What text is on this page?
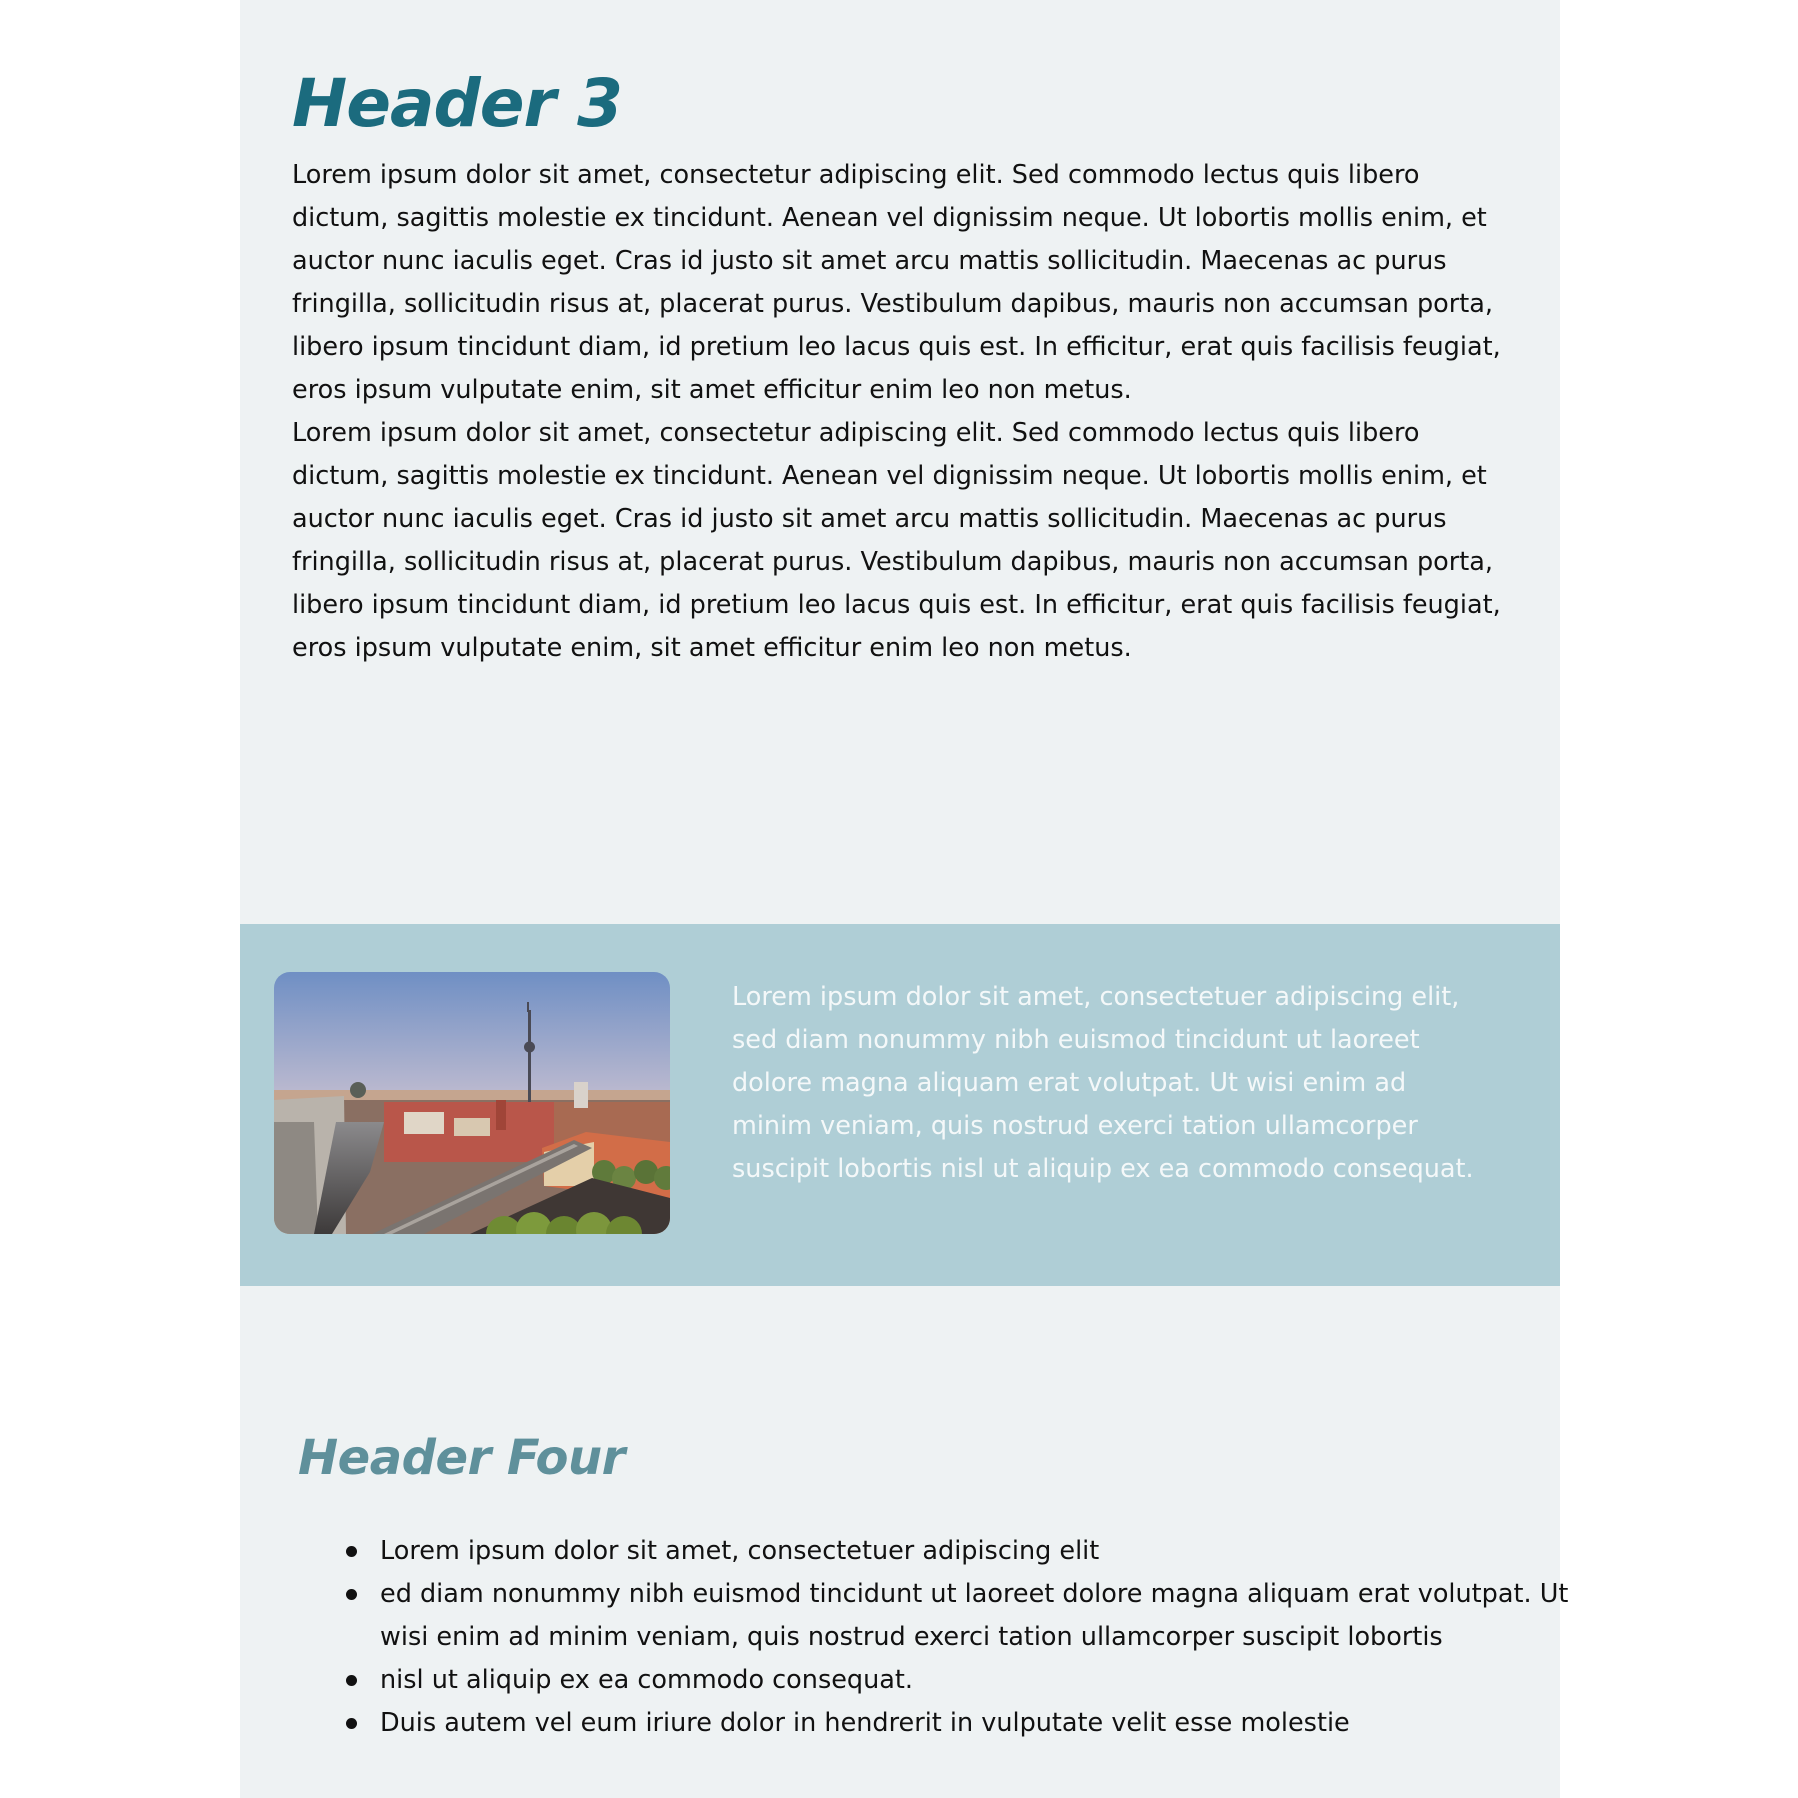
Header 3

Lorem ipsum dolor sit amet, consectetur adipiscing elit. Sed commodo lectus quis libero dictum, sagittis molestie ex tincidunt. Aenean vel dignissim neque. Ut lobortis mollis enim, et auctor nunc iaculis eget. Cras id justo sit amet arcu mattis sollicitudin. Maecenas ac purus fringilla, sollicitudin risus at, placerat purus. Vestibulum dapibus, mauris non accumsan porta, libero ipsum tincidunt diam, id pretium leo lacus quis est. In efficitur, erat quis facilisis feugiat, eros ipsum vulputate enim, sit amet efficitur enim leo non metus.

Lorem ipsum dolor sit amet, consectetur adipiscing elit. Sed commodo lectus quis libero dictum, sagittis molestie ex tincidunt. Aenean vel dignissim neque. Ut lobortis mollis enim, et auctor nunc iaculis eget. Cras id justo sit amet arcu mattis sollicitudin. Maecenas ac purus fringilla, sollicitudin risus at, placerat purus. Vestibulum dapibus, mauris non accumsan porta, libero ipsum tincidunt diam, id pretium leo lacus quis est. In efficitur, erat quis facilisis feugiat, eros ipsum vulputate enim, sit amet efficitur enim leo non metus.

Lorem ipsum dolor sit amet, consectetuer adipiscing elit, sed diam nonummy nibh euismod tincidunt ut laoreet dolore magna aliquam erat volutpat. Ut wisi enim ad minim veniam, quis nostrud exerci tation ullamcorper suscipit lobortis nisl ut aliquip ex ea commodo consequat.

Header Four
Lorem ipsum dolor sit amet, consectetuer adipiscing elit
ed diam nonummy nibh euismod tincidunt ut laoreet dolore magna aliquam erat volutpat. Ut wisi enim ad minim veniam, quis nostrud exerci tation ullamcorper suscipit lobortis
nisl ut aliquip ex ea commodo consequat.
Duis autem vel eum iriure dolor in hendrerit in vulputate velit esse molestie
